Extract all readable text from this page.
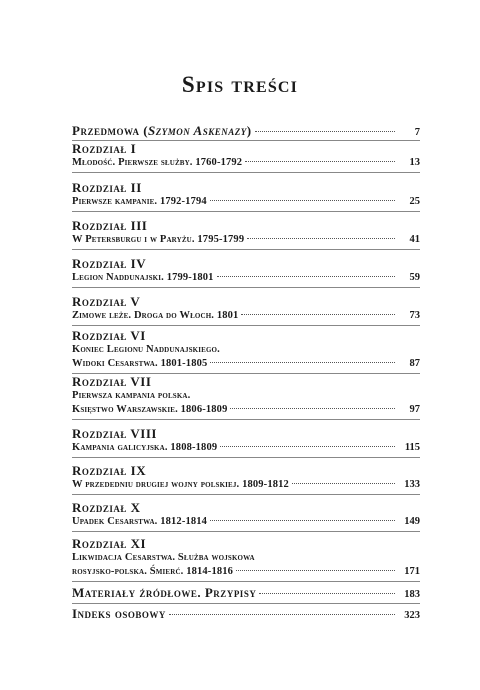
Spis treści
Przedmowa (Szymon Askenazy)	7
Rozdział I
Młodość. Pierwsze służby. 1760-1792	13
Rozdział II
Pierwsze kampanie. 1792-1794	25
Rozdział III
W Petersburgu i w Paryżu. 1795-1799	41
Rozdział IV
Legion Naddunajski. 1799-1801	59
Rozdział V
Zimowe leże. Droga do Włoch. 1801	73
Rozdział VI
Koniec Legionu Naddunajskiego.
Widoki Cesarstwa. 1801-1805	87
Rozdział VII
Pierwsza kampania polska.
Księstwo Warszawskie. 1806-1809	97
Rozdział VIII
Kampania galicyjska. 1808-1809	115
Rozdział IX
W przededniu drugiej wojny polskiej. 1809-1812	133
Rozdział X
Upadek Cesarstwa. 1812-1814	149
Rozdział XI
Likwidacja Cesarstwa. Służba wojskowa
rosyjsko-polska. Śmierć. 1814-1816	171
Materiały źródłowe. Przypisy	183
Indeks osobowy	323
